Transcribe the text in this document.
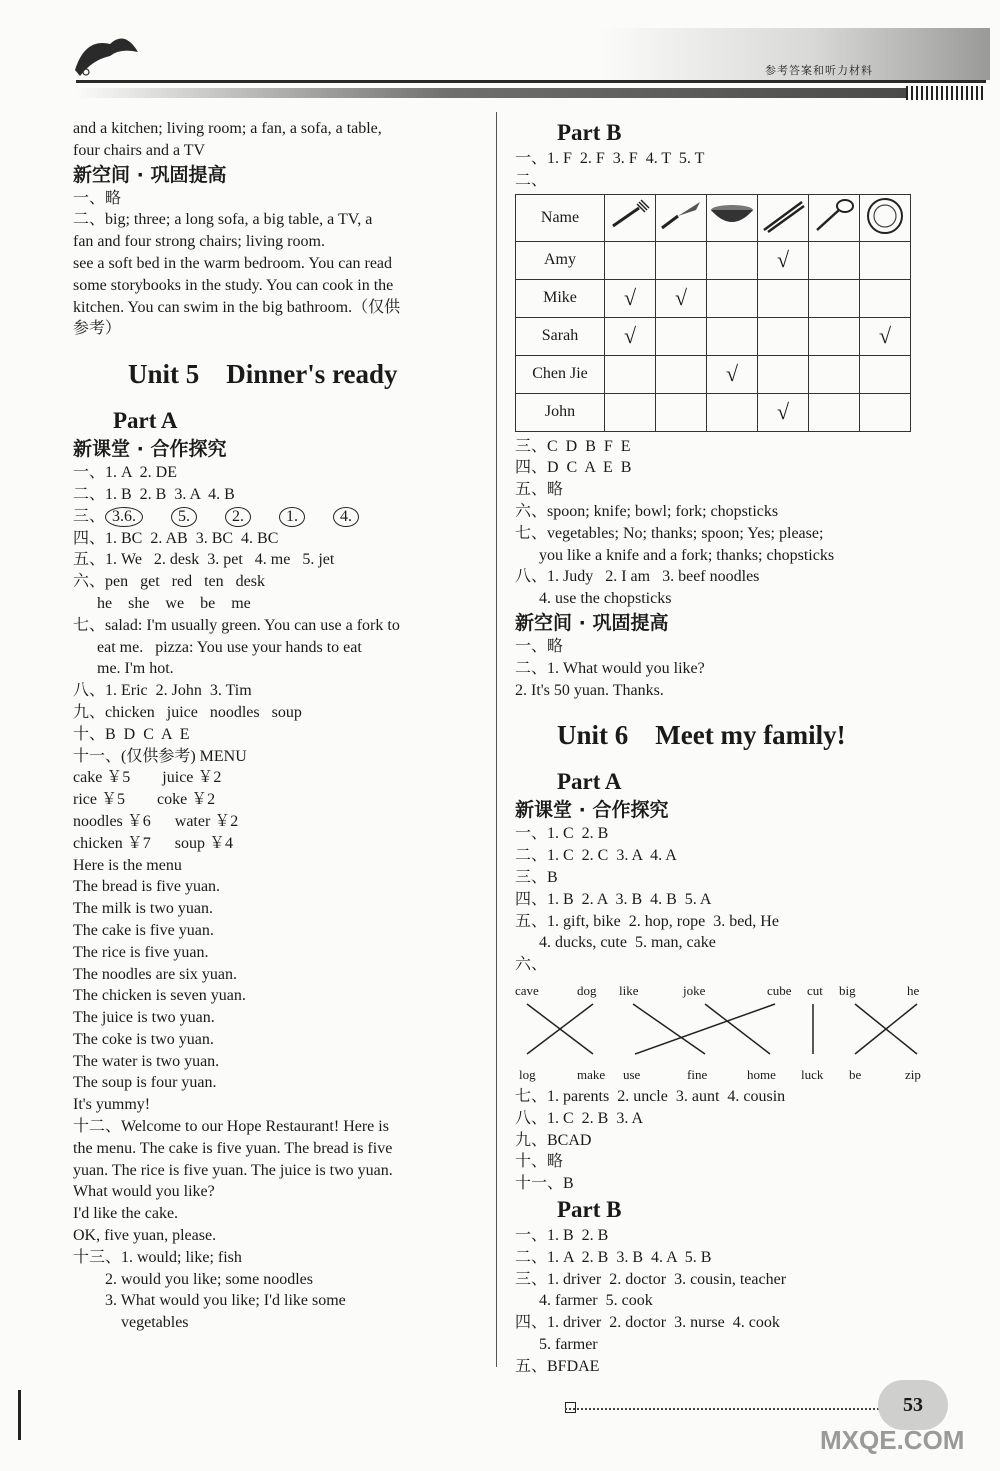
参考答案和听力材料
and a kitchen; living room; a fan, a sofa, a table,
four chairs and a TV
新空间 · 巩固提高
一、略
二、big; three; a long sofa, a big table, a TV, a
fan and four strong chairs; living room.
see a soft bed in the warm bedroom. You can read
some storybooks in the study. You can cook in the
kitchen. You can swim in the big bathroom.（仅供
参考）
Unit 5    Dinner's ready
Part A
新课堂 · 合作探究
一、1. A  2. DE
二、1. B  2. B  3. A  4. B
三、 3.6.	5.	2.	1.	4.
四、1. BC  2. AB  3. BC  4. BC
五、1. We   2. desk  3. pet   4. me   5. jet
六、pen   get   red   ten   desk
he    she    we    be    me
七、salad: I'm usually green. You can use a fork to
eat me.   pizza: You use your hands to eat
me. I'm hot.
八、1. Eric  2. John  3. Tim
九、chicken   juice   noodles   soup
十、B  D  C  A  E
十一、(仅供参考) MENU
cake ￥5        juice ￥2
rice ￥5        coke ￥2
noodles ￥6      water ￥2
chicken ￥7      soup ￥4
Here is the menu
The bread is five yuan.
The milk is two yuan.
The cake is five yuan.
The rice is five yuan.
The noodles are six yuan.
The chicken is seven yuan.
The juice is two yuan.
The coke is two yuan.
The water is two yuan.
The soup is four yuan.
It's yummy!
十二、Welcome to our Hope Restaurant! Here is
the menu. The cake is five yuan. The bread is five
yuan. The rice is five yuan. The juice is two yuan.
What would you like?
I'd like the cake.
OK, five yuan, please.
十三、1. would; like; fish
2. would you like; some noodles
3. What would you like; I'd like some
vegetables
Part B
一、1. F  2. F  3. F  4. T  5. T
二、
Name						
Amy				√		
Mike	√	√				
Sarah	√					√
Chen Jie			√			
John				√		
三、C  D  B  F  E
四、D  C  A  E  B
五、略
六、spoon; knife; bowl; fork; chopsticks
七、vegetables; No; thanks; spoon; Yes; please;
you like a knife and a fork; thanks; chopsticks
八、1. Judy   2. I am   3. beef noodles
4. use the chopsticks
新空间 · 巩固提高
一、略
二、1. What would you like?
2. It's 50 yuan. Thanks.
Unit 6    Meet my family!
Part A
新课堂 · 合作探究
一、1. C  2. B
二、1. C  2. C  3. A  4. A
三、B
四、1. B  2. A  3. B  4. B  5. A
五、1. gift, bike  2. hop, rope  3. bed, He
4. ducks, cute  5. man, cake
六、
cave	dog like	joke	cube cut big	he
log	make use	fine	home luck be	zip
七、1. parents  2. uncle  3. aunt  4. cousin
八、1. C  2. B  3. A
九、BCAD
十、略
十一、B
Part B
一、1. B  2. B
二、1. A  2. B  3. B  4. A  5. B
三、1. driver  2. doctor  3. cousin, teacher
4. farmer  5. cook
四、1. driver  2. doctor  3. nurse  4. cook
5. farmer
五、BFDAE
53
MXQE.COM
